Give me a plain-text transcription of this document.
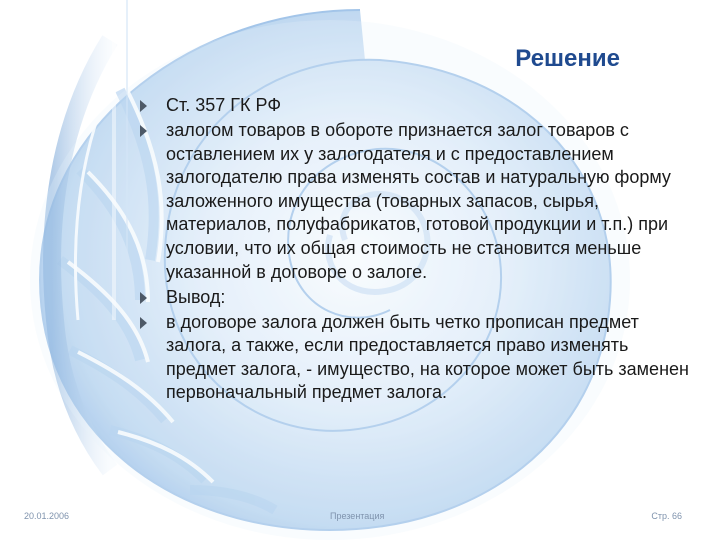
Решение
Ст. 357 ГК РФ
залогом товаров в обороте признается залог товаров с оставлением их у залогодателя и с предоставлением залогодателю права изменять состав и натуральную форму заложенного имущества (товарных запасов, сырья, материалов, полуфабрикатов, готовой продукции и т.п.) при условии, что их общая стоимость не становится меньше указанной в договоре о залоге.
Вывод:
в договоре залога должен быть четко прописан предмет залога, а также, если предоставляется право изменять предмет залога, - имущество, на которое может быть заменен первоначальный предмет залога.
20.01.2006	Презентация	Стр. 66
